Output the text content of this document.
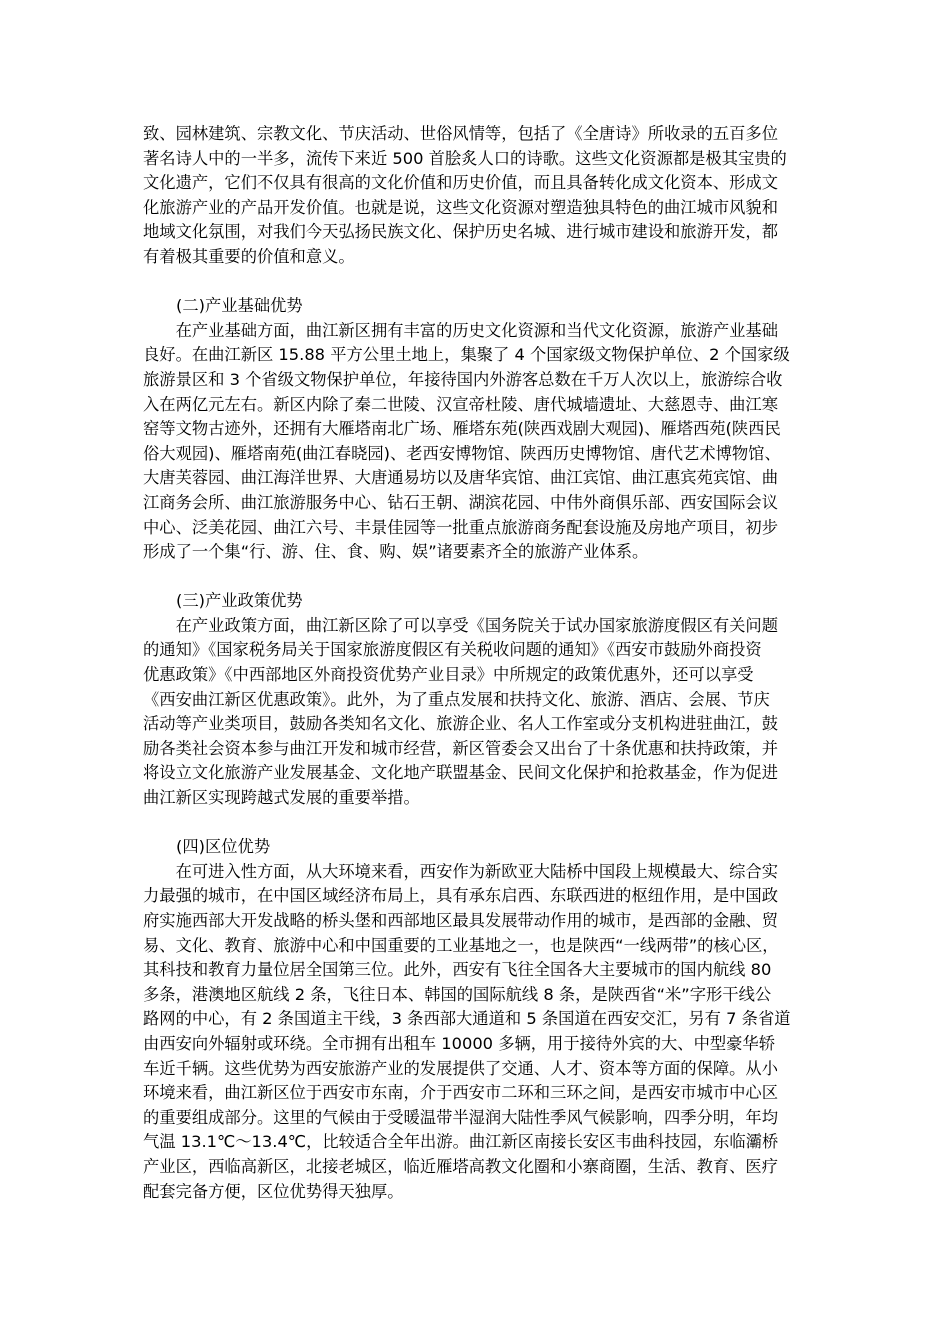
致、园林建筑、宗教文化、节庆活动、世俗风情等，包括了《全唐诗》所收录的五百多位
著名诗人中的一半多，流传下来近 500 首脍炙人口的诗歌。这些文化资源都是极其宝贵的
文化遗产，它们不仅具有很高的文化价值和历史价值，而且具备转化成文化资本、形成文
化旅游产业的产品开发价值。也就是说，这些文化资源对塑造独具特色的曲江城市风貌和
地域文化氛围，对我们今天弘扬民族文化、保护历史名城、进行城市建设和旅游开发，都
有着极其重要的价值和意义。
(二)产业基础优势
　　在产业基础方面，曲江新区拥有丰富的历史文化资源和当代文化资源，旅游产业基础
良好。在曲江新区 15.88 平方公里土地上，集聚了 4 个国家级文物保护单位、2 个国家级
旅游景区和 3 个省级文物保护单位，年接待国内外游客总数在千万人次以上，旅游综合收
入在两亿元左右。新区内除了秦二世陵、汉宣帝杜陵、唐代城墙遗址、大慈恩寺、曲江寒
窑等文物古迹外，还拥有大雁塔南北广场、雁塔东苑(陕西戏剧大观园)、雁塔西苑(陕西民
俗大观园)、雁塔南苑(曲江春晓园)、老西安博物馆、陕西历史博物馆、唐代艺术博物馆、
大唐芙蓉园、曲江海洋世界、大唐通易坊以及唐华宾馆、曲江宾馆、曲江惠宾苑宾馆、曲
江商务会所、曲江旅游服务中心、钻石王朝、湖滨花园、中伟外商俱乐部、西安国际会议
中心、泛美花园、曲江六号、丰景佳园等一批重点旅游商务配套设施及房地产项目，初步
形成了一个集“行、游、住、食、购、娱”诸要素齐全的旅游产业体系。
(三)产业政策优势
　　在产业政策方面，曲江新区除了可以享受《国务院关于试办国家旅游度假区有关问题
的通知》《国家税务局关于国家旅游度假区有关税收问题的通知》《西安市鼓励外商投资
优惠政策》《中西部地区外商投资优势产业目录》中所规定的政策优惠外，还可以享受
《西安曲江新区优惠政策》。此外，为了重点发展和扶持文化、旅游、酒店、会展、节庆
活动等产业类项目，鼓励各类知名文化、旅游企业、名人工作室或分支机构进驻曲江，鼓
励各类社会资本参与曲江开发和城市经营，新区管委会又出台了十条优惠和扶持政策，并
将设立文化旅游产业发展基金、文化地产联盟基金、民间文化保护和抢救基金，作为促进
曲江新区实现跨越式发展的重要举措。
(四)区位优势
　　在可进入性方面，从大环境来看，西安作为新欧亚大陆桥中国段上规模最大、综合实
力最强的城市，在中国区域经济布局上，具有承东启西、东联西进的枢纽作用，是中国政
府实施西部大开发战略的桥头堡和西部地区最具发展带动作用的城市，是西部的金融、贸
易、文化、教育、旅游中心和中国重要的工业基地之一，也是陕西“一线两带”的核心区，
其科技和教育力量位居全国第三位。此外，西安有飞往全国各大主要城市的国内航线 80
多条，港澳地区航线 2 条，飞往日本、韩国的国际航线 8 条，是陕西省“米”字形干线公
路网的中心，有 2 条国道主干线，3 条西部大通道和 5 条国道在西安交汇，另有 7 条省道
由西安向外辐射或环绕。全市拥有出租车 10000 多辆，用于接待外宾的大、中型豪华轿
车近千辆。这些优势为西安旅游产业的发展提供了交通、人才、资本等方面的保障。从小
环境来看，曲江新区位于西安市东南，介于西安市二环和三环之间，是西安市城市中心区
的重要组成部分。这里的气候由于受暖温带半湿润大陆性季风气候影响，四季分明，年均
气温 13.1℃～13.4℃，比较适合全年出游。曲江新区南接长安区韦曲科技园，东临灞桥
产业区，西临高新区，北接老城区，临近雁塔高教文化圈和小寨商圈，生活、教育、医疗
配套完备方便，区位优势得天独厚。
